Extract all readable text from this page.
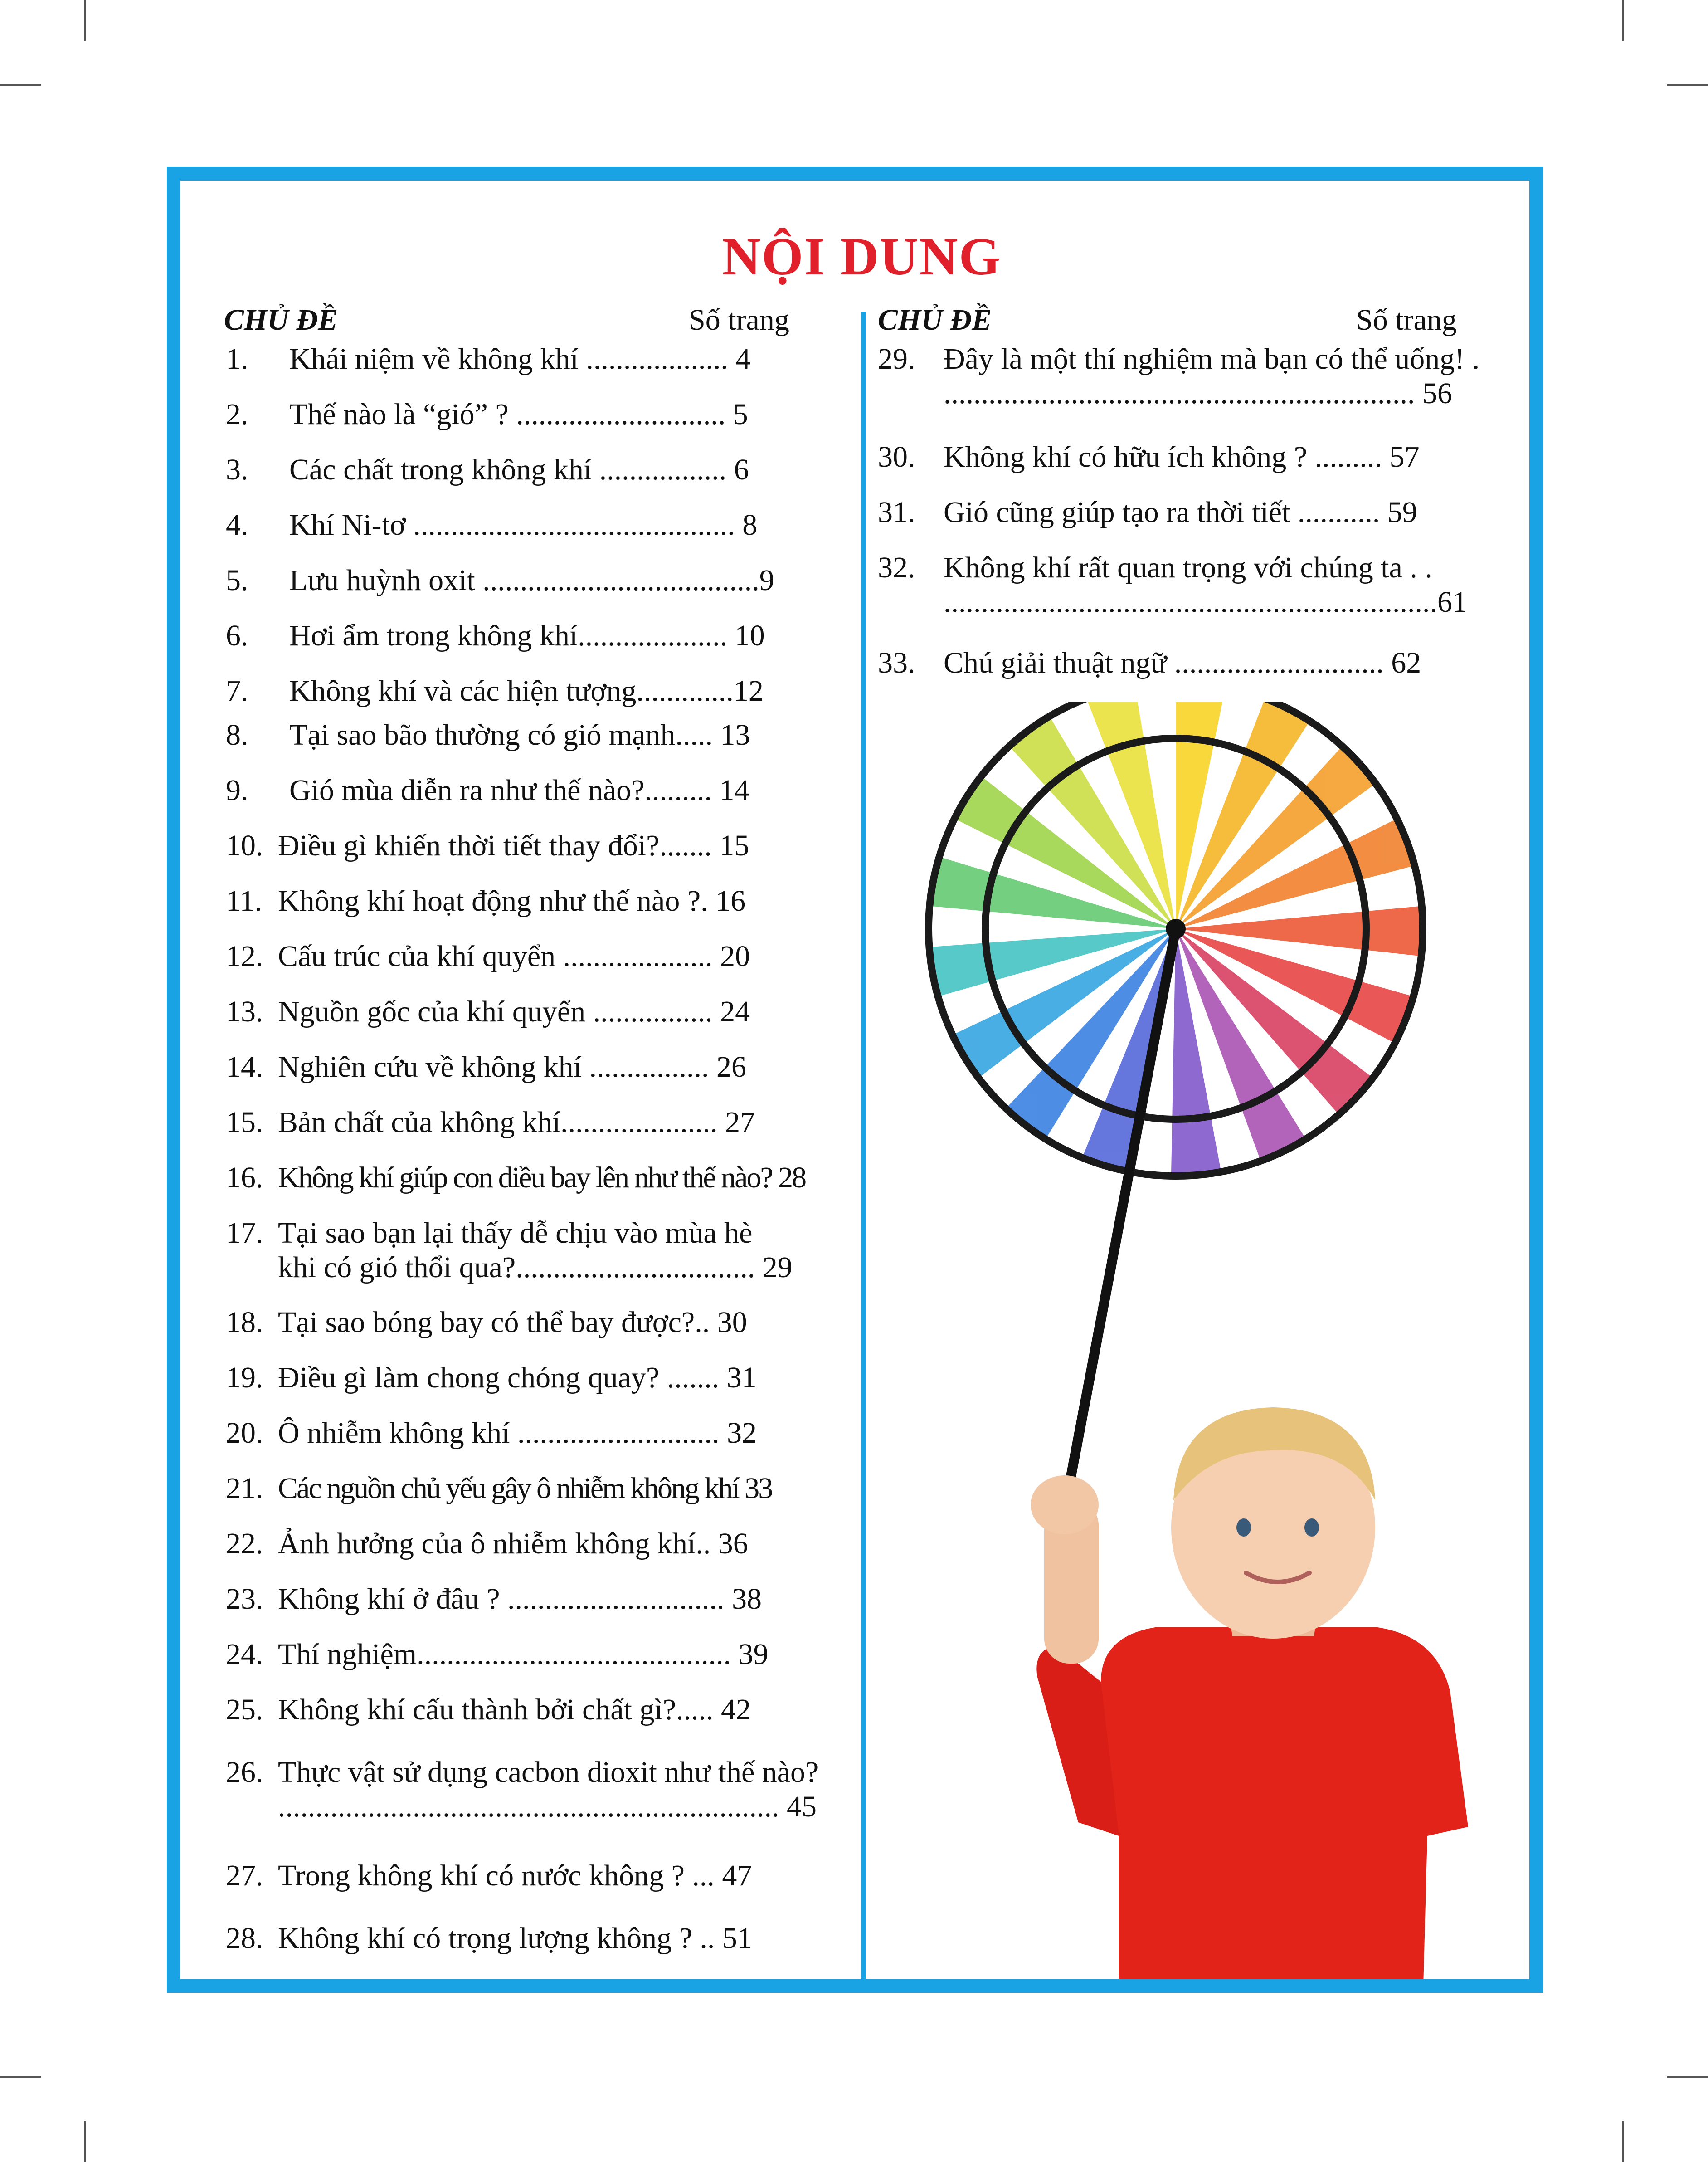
NỘI DUNG
CHỦ ĐỀ	Số trang	CHỦ ĐỀ	Số trang
1. Khái niệm về không khí ................... 4
2. Thế nào là “gió” ? ............................ 5
3. Các chất trong không khí ................. 6
4. Khí Ni-tơ ........................................... 8
5. Lưu huỳnh oxit .....................................9
6. Hơi ẩm trong không khí.................... 10
7. Không khí và các hiện tượng.............12
8. Tại sao bão thường có gió mạnh..... 13
9. Gió mùa diễn ra như thế nào?......... 14
10. Điều gì khiến thời tiết thay đổi?....... 15
11. Không khí hoạt động như thế nào ?. 16
12. Cấu trúc của khí quyển .................... 20
13. Nguồn gốc của khí quyển ................ 24
14. Nghiên cứu về không khí ................ 26
15. Bản chất của không khí..................... 27
16. Không khí giúp con diều bay lên như thế nào? 28
17. Tại sao bạn lại thấy dễ chịu vào mùa hè
khi có gió thổi qua?................................ 29
18. Tại sao bóng bay có thể bay được?.. 30
19. Điều gì làm chong chóng quay? ....... 31
20. Ô nhiễm không khí ........................... 32
21. Các nguồn chủ yếu gây ô nhiễm không khí 33
22. Ảnh hưởng của ô nhiễm không khí.. 36
23. Không khí ở đâu ? ............................. 38
24. Thí nghiệm.......................................... 39
25. Không khí cấu thành bởi chất gì?..... 42
26. Thực vật sử dụng cacbon dioxit như thế nào?
................................................................... 45
27. Trong không khí có nước không ? ... 47
28. Không khí có trọng lượng không ? .. 51
29. Đây là một thí nghiệm mà bạn có thể uống! .
............................................................... 56
30. Không khí có hữu ích không ? ......... 57
31. Gió cũng giúp tạo ra thời tiết ........... 59
32. Không khí rất quan trọng với chúng ta . .
..................................................................61
33. Chú giải thuật ngữ ............................ 62
